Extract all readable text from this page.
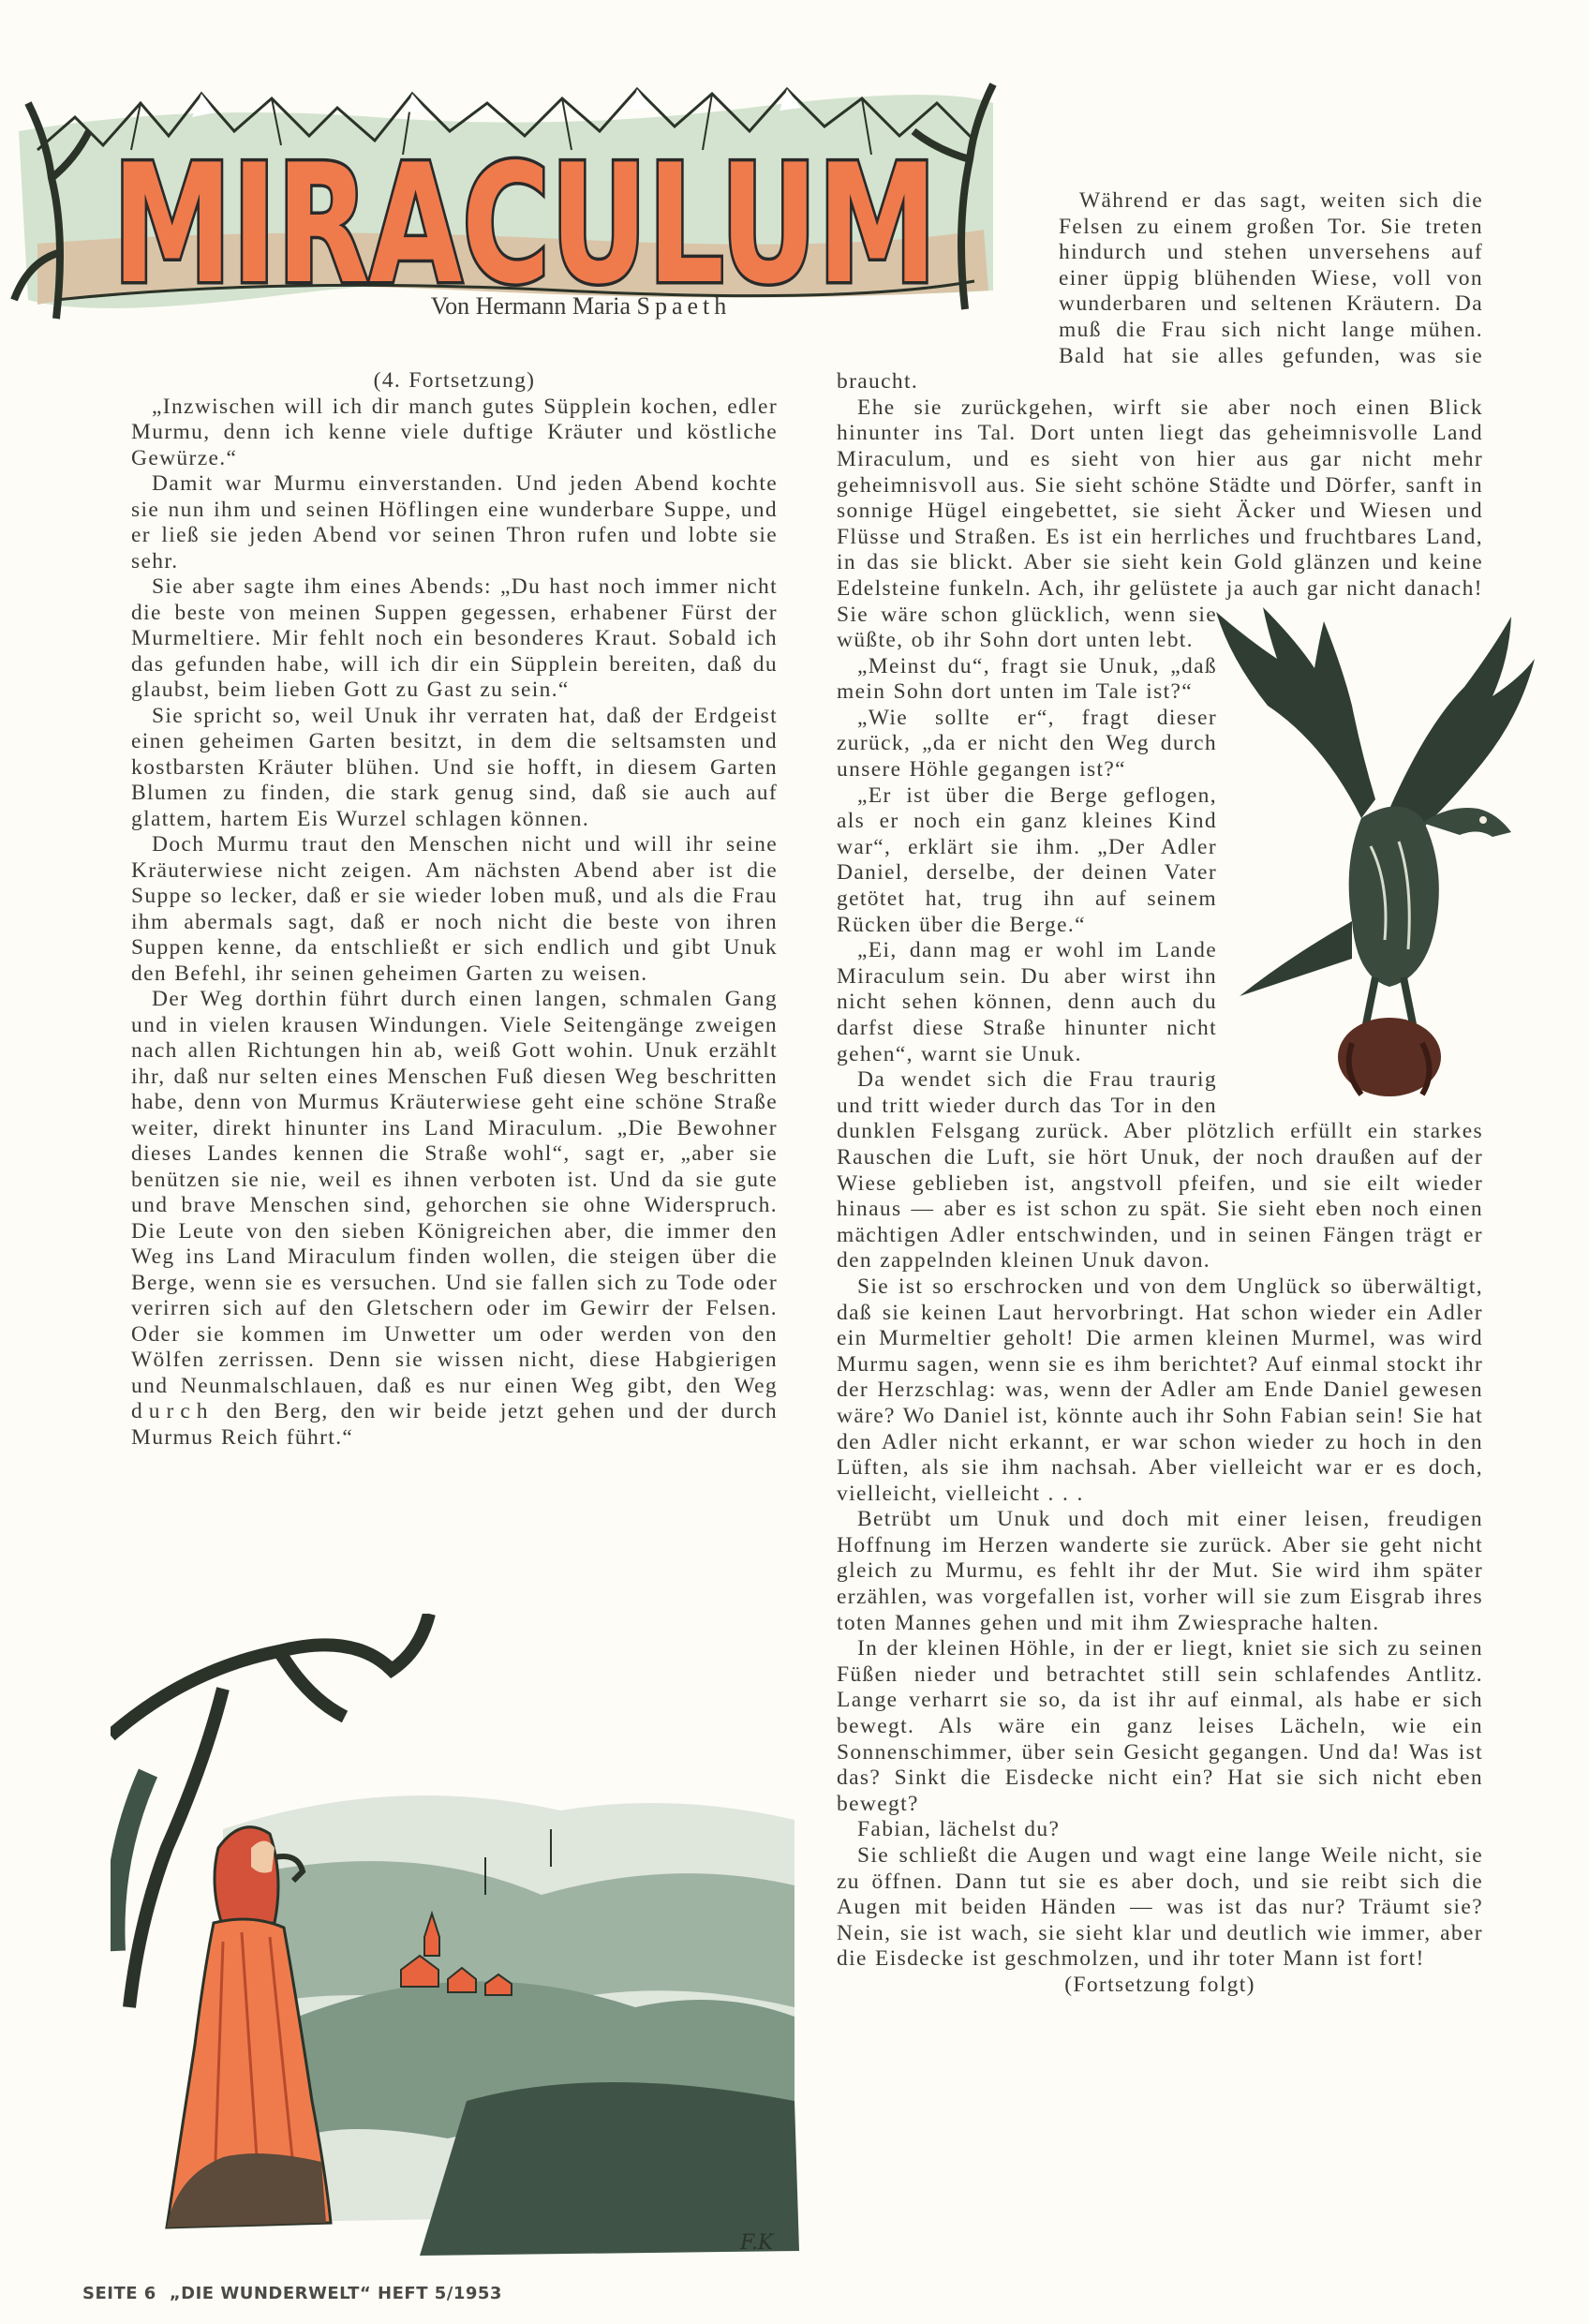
MIRACULUM
Von Hermann Maria Spaeth

(4. Fortsetzung)

„Inzwischen will ich dir manch gutes Süpplein kochen, edler Murmu, denn ich kenne viele duftige Kräuter und köstliche Gewürze.“

Damit war Murmu einverstanden. Und jeden Abend kochte sie nun ihm und seinen Höflingen eine wunderbare Suppe, und er ließ sie jeden Abend vor seinen Thron rufen und lobte sie sehr.

Sie aber sagte ihm eines Abends: „Du hast noch immer nicht die beste von meinen Suppen gegessen, erhabener Fürst der Murmeltiere. Mir fehlt noch ein besonderes Kraut. Sobald ich das gefunden habe, will ich dir ein Süpplein bereiten, daß du glaubst, beim lieben Gott zu Gast zu sein.“

Sie spricht so, weil Unuk ihr verraten hat, daß der Erdgeist einen geheimen Garten besitzt, in dem die seltsamsten und kostbarsten Kräuter blühen. Und sie hofft, in diesem Garten Blumen zu finden, die stark genug sind, daß sie auch auf glattem, hartem Eis Wurzel schlagen können.

Doch Murmu traut den Menschen nicht und will ihr seine Kräuterwiese nicht zeigen. Am nächsten Abend aber ist die Suppe so lecker, daß er sie wieder loben muß, und als die Frau ihm abermals sagt, daß er noch nicht die beste von ihren Suppen kenne, da entschließt er sich endlich und gibt Unuk den Befehl, ihr seinen geheimen Garten zu weisen.

Der Weg dorthin führt durch einen langen, schmalen Gang und in vielen krausen Windungen. Viele Seitengänge zweigen nach allen Richtungen hin ab, weiß Gott wohin. Unuk erzählt ihr, daß nur selten eines Menschen Fuß diesen Weg beschritten habe, denn von Murmus Kräuterwiese geht eine schöne Straße weiter, direkt hinunter ins Land Miraculum. „Die Bewohner dieses Landes kennen die Straße wohl“, sagt er, „aber sie benützen sie nie, weil es ihnen verboten ist. Und da sie gute und brave Menschen sind, gehorchen sie ohne Widerspruch. Die Leute von den sieben Königreichen aber, die immer den Weg ins Land Miraculum finden wollen, die steigen über die Berge, wenn sie es versuchen. Und sie fallen sich zu Tode oder verirren sich auf den Gletschern oder im Gewirr der Felsen. Oder sie kommen im Unwetter um oder werden von den Wölfen zerrissen. Denn sie wissen nicht, diese Habgierigen und Neunmalschlauen, daß es nur einen Weg gibt, den Weg durch den Berg, den wir beide jetzt gehen und der durch Murmus Reich führt.“

Während er das sagt, weiten sich die Felsen zu einem großen Tor. Sie treten hindurch und stehen unversehens auf einer üppig blühenden Wiese, voll von wunderbaren und seltenen Kräutern. Da muß die Frau sich nicht lange mühen. Bald hat sie alles gefunden, was sie braucht.

Ehe sie zurückgehen, wirft sie aber noch einen Blick hinunter ins Tal. Dort unten liegt das geheimnisvolle Land Miraculum, und es sieht von hier aus gar nicht mehr geheimnisvoll aus. Sie sieht schöne Städte und Dörfer, sanft in sonnige Hügel eingebettet, sie sieht Äcker und Wiesen und Flüsse und Straßen. Es ist ein herrliches und fruchtbares Land, in das sie blickt. Aber sie sieht kein Gold glänzen und keine Edelsteine funkeln. Ach, ihr gelüstete ja auch gar nicht danach!

Sie wäre schon glücklich, wenn sie wüßte, ob ihr Sohn dort unten lebt.

„Meinst du“, fragt sie Unuk, „daß mein Sohn dort unten im Tale ist?“

„Wie sollte er“, fragt dieser zurück, „da er nicht den Weg durch unsere Höhle gegangen ist?“

„Er ist über die Berge geflogen, als er noch ein ganz kleines Kind war“, erklärt sie ihm. „Der Adler Daniel, derselbe, der deinen Vater getötet hat, trug ihn auf seinem Rücken über die Berge.“

„Ei, dann mag er wohl im Lande Miraculum sein. Du aber wirst ihn nicht sehen können, denn auch du darfst diese Straße hinunter nicht gehen“, warnt sie Unuk.

Da wendet sich die Frau traurig und tritt wieder durch das Tor in den dunklen Felsgang zurück. Aber plötzlich erfüllt ein starkes Rauschen die Luft, sie hört Unuk, der noch draußen auf der Wiese geblieben ist, angstvoll pfeifen, und sie eilt wieder hinaus — aber es ist schon zu spät. Sie sieht eben noch einen mächtigen Adler entschwinden, und in seinen Fängen trägt er den zappelnden kleinen Unuk davon.

Sie ist so erschrocken und von dem Unglück so überwältigt, daß sie keinen Laut hervorbringt. Hat schon wieder ein Adler ein Murmeltier geholt! Die armen kleinen Murmel, was wird Murmu sagen, wenn sie es ihm berichtet? Auf einmal stockt ihr der Herzschlag: was, wenn der Adler am Ende Daniel gewesen wäre? Wo Daniel ist, könnte auch ihr Sohn Fabian sein! Sie hat den Adler nicht erkannt, er war schon wieder zu hoch in den Lüften, als sie ihm nachsah. Aber vielleicht war er es doch, vielleicht, vielleicht . . .

Betrübt um Unuk und doch mit einer leisen, freudigen Hoffnung im Herzen wanderte sie zurück. Aber sie geht nicht gleich zu Murmu, es fehlt ihr der Mut. Sie wird ihm später erzählen, was vorgefallen ist, vorher will sie zum Eisgrab ihres toten Mannes gehen und mit ihm Zwiesprache halten.

In der kleinen Höhle, in der er liegt, kniet sie sich zu seinen Füßen nieder und betrachtet still sein schlafendes Antlitz. Lange verharrt sie so, da ist ihr auf einmal, als habe er sich bewegt. Als wäre ein ganz leises Lächeln, wie ein Sonnenschimmer, über sein Gesicht gegangen. Und da! Was ist das? Sinkt die Eisdecke nicht ein? Hat sie sich nicht eben bewegt?

Fabian, lächelst du?

Sie schließt die Augen und wagt eine lange Weile nicht, sie zu öffnen. Dann tut sie es aber doch, und sie reibt sich die Augen mit beiden Händen — was ist das nur? Träumt sie? Nein, sie ist wach, sie sieht klar und deutlich wie immer, aber die Eisdecke ist geschmolzen, und ihr toter Mann ist fort!

(Fortsetzung folgt)

F.K
SEITE 6 „DIE WUNDERWELT“ HEFT 5/1953
